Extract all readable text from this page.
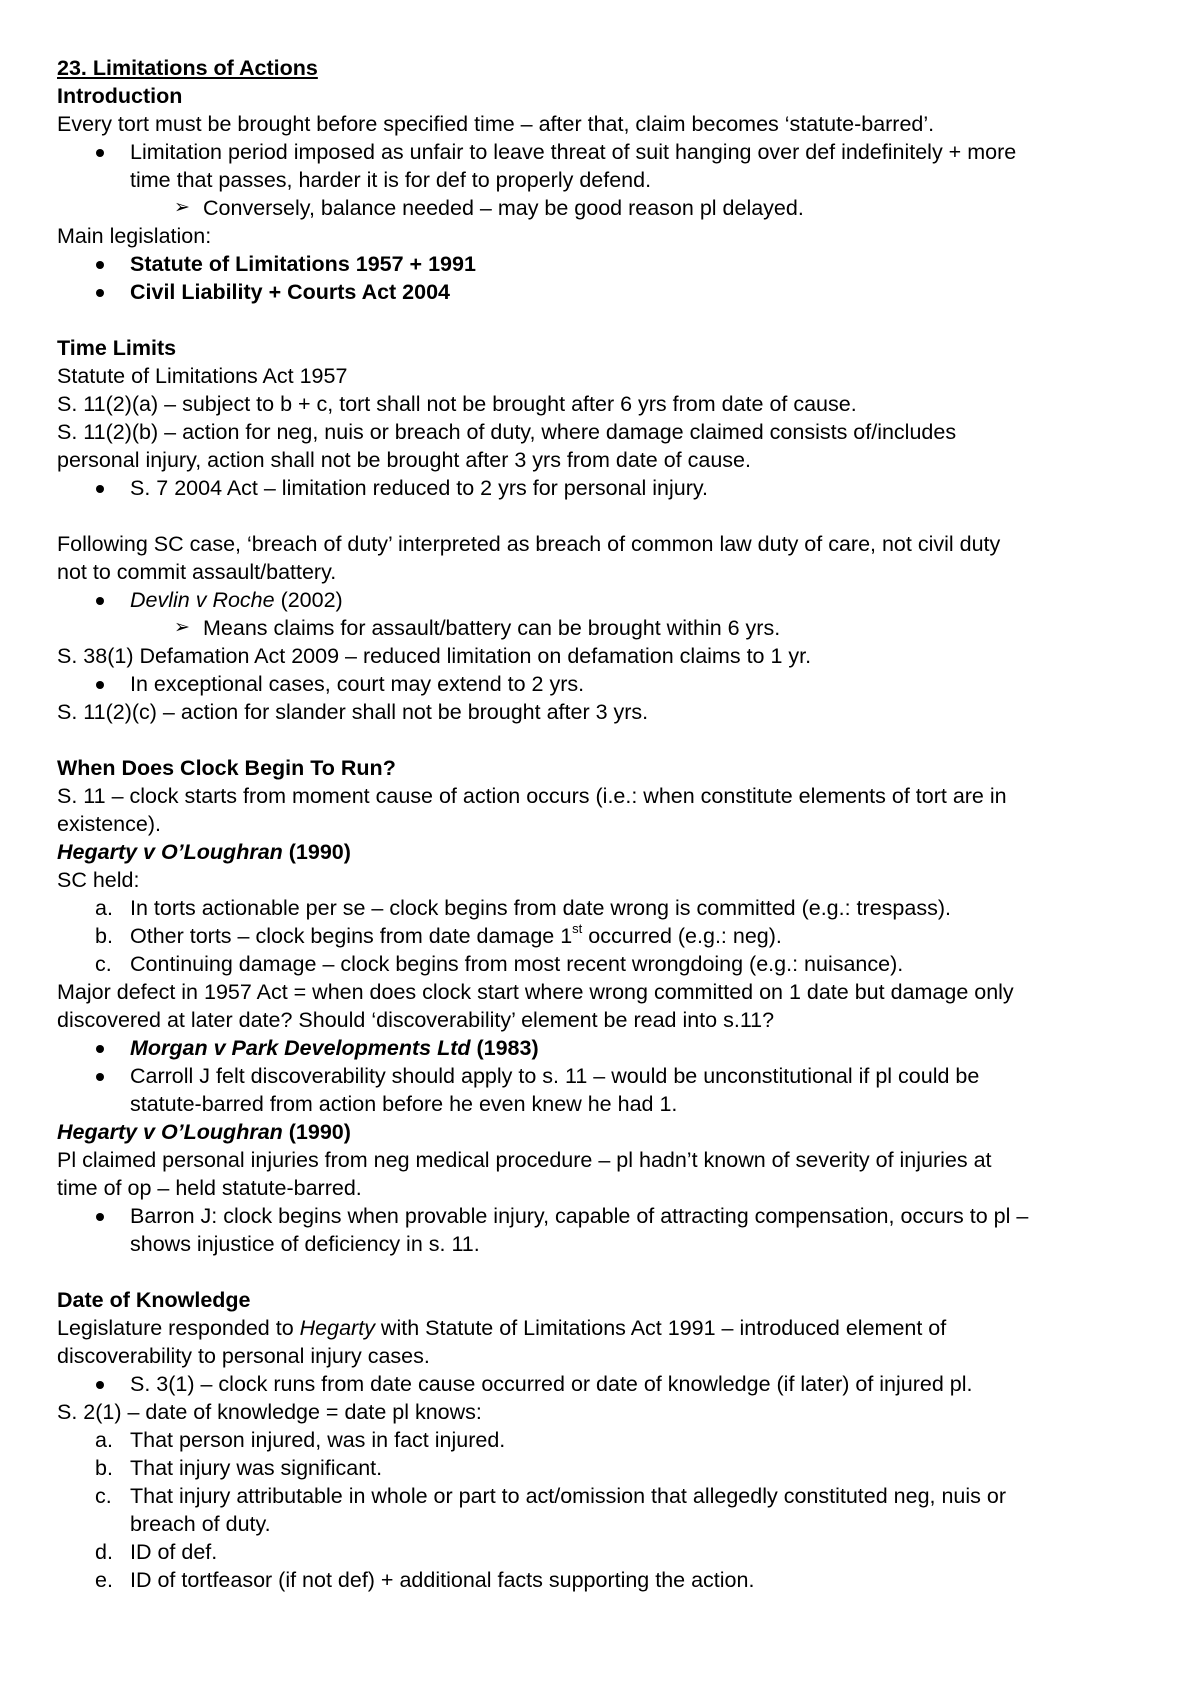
23. Limitations of Actions
Introduction
Every tort must be brought before specified time – after that, claim becomes ‘statute-barred’.
Limitation period imposed as unfair to leave threat of suit hanging over def indefinitely + more
time that passes, harder it is for def to properly defend.
➢ Conversely, balance needed – may be good reason pl delayed.
Main legislation:
Statute of Limitations 1957 + 1991
Civil Liability + Courts Act 2004
Time Limits
Statute of Limitations Act 1957
S. 11(2)(a) – subject to b + c, tort shall not be brought after 6 yrs from date of cause.
S. 11(2)(b) – action for neg, nuis or breach of duty, where damage claimed consists of/includes
personal injury, action shall not be brought after 3 yrs from date of cause.
S. 7 2004 Act – limitation reduced to 2 yrs for personal injury.
Following SC case, ‘breach of duty’ interpreted as breach of common law duty of care, not civil duty
not to commit assault/battery.
Devlin v Roche (2002)
➢ Means claims for assault/battery can be brought within 6 yrs.
S. 38(1) Defamation Act 2009 – reduced limitation on defamation claims to 1 yr.
In exceptional cases, court may extend to 2 yrs.
S. 11(2)(c) – action for slander shall not be brought after 3 yrs.
When Does Clock Begin To Run?
S. 11 – clock starts from moment cause of action occurs (i.e.: when constitute elements of tort are in
existence).
Hegarty v O’Loughran (1990)
SC held:
a. In torts actionable per se – clock begins from date wrong is committed (e.g.: trespass).
b. Other torts – clock begins from date damage 1st occurred (e.g.: neg).
c. Continuing damage – clock begins from most recent wrongdoing (e.g.: nuisance).
Major defect in 1957 Act = when does clock start where wrong committed on 1 date but damage only
discovered at later date? Should ‘discoverability’ element be read into s.11?
Morgan v Park Developments Ltd (1983)
Carroll J felt discoverability should apply to s. 11 – would be unconstitutional if pl could be
statute-barred from action before he even knew he had 1.
Hegarty v O’Loughran (1990)
Pl claimed personal injuries from neg medical procedure – pl hadn’t known of severity of injuries at
time of op – held statute-barred.
Barron J: clock begins when provable injury, capable of attracting compensation, occurs to pl –
shows injustice of deficiency in s. 11.
Date of Knowledge
Legislature responded to Hegarty with Statute of Limitations Act 1991 – introduced element of
discoverability to personal injury cases.
S. 3(1) – clock runs from date cause occurred or date of knowledge (if later) of injured pl.
S. 2(1) – date of knowledge = date pl knows:
a. That person injured, was in fact injured.
b. That injury was significant.
c. That injury attributable in whole or part to act/omission that allegedly constituted neg, nuis or
breach of duty.
d. ID of def.
e. ID of tortfeasor (if not def) + additional facts supporting the action.
